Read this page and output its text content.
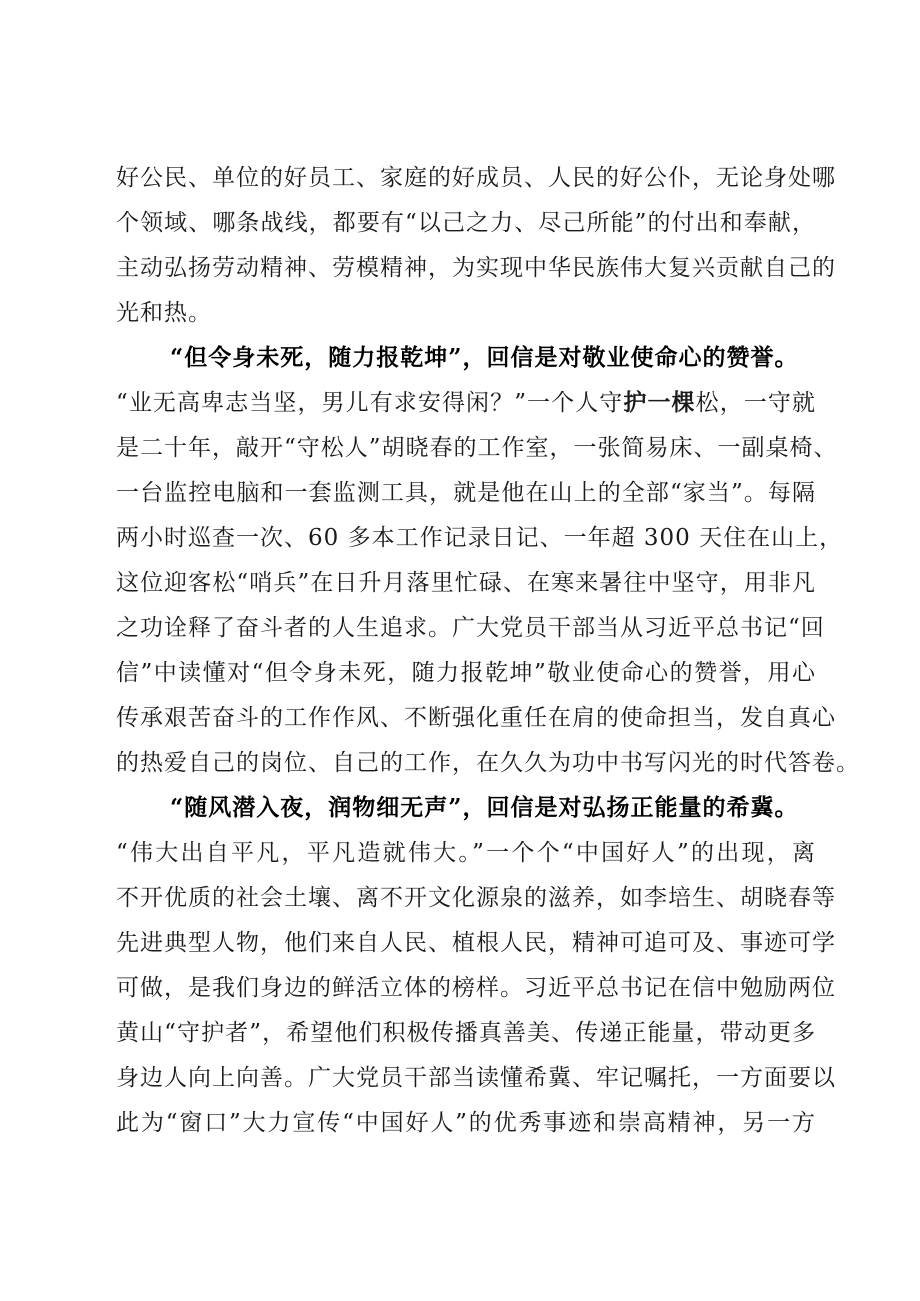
好公民、单位的好员工、家庭的好成员、人民的好公仆，无论身处哪
个领域、哪条战线，都要有“以己之力、尽己所能”的付出和奉献，
主动弘扬劳动精神、劳模精神，为实现中华民族伟大复兴贡献自己的
光和热。
“但令身未死，随力报乾坤”，回信是对敬业使命心的赞誉。
“业无高卑志当坚，男儿有求安得闲？”一个人守护一棵松，一守就
是二十年，敲开“守松人”胡晓春的工作室，一张简易床、一副桌椅、
一台监控电脑和一套监测工具，就是他在山上的全部“家当”。每隔
两小时巡查一次、60 多本工作记录日记、一年超 300 天住在山上，
这位迎客松“哨兵”在日升月落里忙碌、在寒来暑往中坚守，用非凡
之功诠释了奋斗者的人生追求。广大党员干部当从习近平总书记“回
信”中读懂对“但令身未死，随力报乾坤”敬业使命心的赞誉，用心
传承艰苦奋斗的工作作风、不断强化重任在肩的使命担当，发自真心
的热爱自己的岗位、自己的工作，在久久为功中书写闪光的时代答卷。
“随风潜入夜，润物细无声”，回信是对弘扬正能量的希冀。
“伟大出自平凡，平凡造就伟大。”一个个“中国好人”的出现，离
不开优质的社会土壤、离不开文化源泉的滋养，如李培生、胡晓春等
先进典型人物，他们来自人民、植根人民，精神可追可及、事迹可学
可做，是我们身边的鲜活立体的榜样。习近平总书记在信中勉励两位
黄山“守护者”，希望他们积极传播真善美、传递正能量，带动更多
身边人向上向善。广大党员干部当读懂希冀、牢记嘱托，一方面要以
此为“窗口”大力宣传“中国好人”的优秀事迹和崇高精神，另一方
